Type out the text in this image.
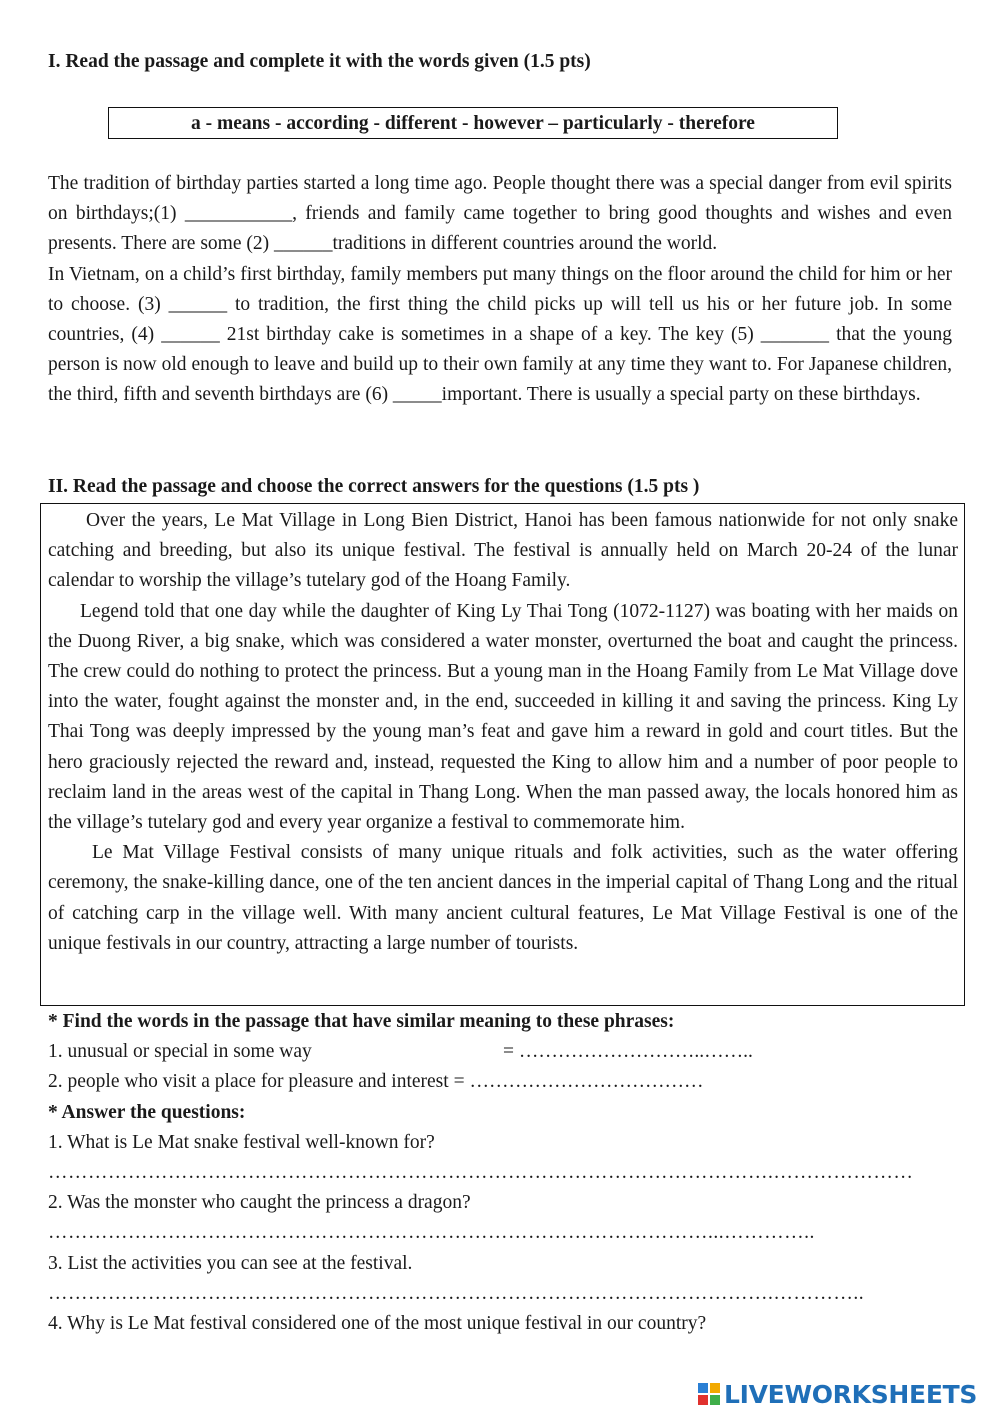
I. Read the passage and complete it with the words given (1.5 pts)
a - means - according - different - however – particularly - therefore

The tradition of birthday parties started a long time ago. People thought there was a special danger from evil spirits on birthdays;(1) ___________, friends and family came together to bring good thoughts and wishes and even presents. There are some (2) ______traditions in different countries around the world.

In Vietnam, on a child’s first birthday, family members put many things on the floor around the child for him or her to choose. (3) ______ to tradition, the first thing the child picks up will tell us his or her future job. In some countries, (4) ______ 21st birthday cake is sometimes in a shape of a key. The key (5) _______ that the young person is now old enough to leave and build up to their own family at any time they want to. For Japanese children, the third, fifth and seventh birthdays are (6) _____important. There is usually a special party on these birthdays.

II. Read the passage and choose the correct answers for the questions (1.5 pts )

Over the years, Le Mat Village in Long Bien District, Hanoi has been famous nationwide for not only snake catching and breeding, but also its unique festival. The festival is annually held on March 20-24 of the lunar calendar to worship the village’s tutelary god of the Hoang Family.

Legend told that one day while the daughter of King Ly Thai Tong (1072-1127) was boating with her maids on the Duong River, a big snake, which was considered a water monster, overturned the boat and caught the princess. The crew could do nothing to protect the princess. But a young man in the Hoang Family from Le Mat Village dove into the water, fought against the monster and, in the end, succeeded in killing it and saving the princess. King Ly Thai Tong was deeply impressed by the young man’s feat and gave him a reward in gold and court titles. But the hero graciously rejected the reward and, instead, requested the King to allow him and a number of poor people to reclaim land in the areas west of the capital in Thang Long. When the man passed away, the locals honored him as the village’s tutelary god and every year organize a festival to commemorate him.

Le Mat Village Festival consists of many unique rituals and folk activities, such as the water offering ceremony, the snake-killing dance, one of the ten ancient dances in the imperial capital of Thang Long and the ritual of catching carp in the village well. With many ancient cultural features, Le Mat Village Festival is one of the unique festivals in our country, attracting a large number of tourists.

* Find the words in the passage that have similar meaning to these phrases:
1. unusual or special in some way	= ………………………..……..
2. people who visit a place for pleasure and interest = ………………………………
* Answer the questions:
1. What is Le Mat snake festival well-known for?
……………………………………………………………………………………………….…………………
2. Was the monster who caught the princess a dragon?
………………………………………………………………………………………...…………..
3. List the activities you can see at the festival.
……………………………………………………………………………………………….…………..
4. Why is Le Mat festival considered one of the most unique festival in our country?
LIVEWORKSHEETS
